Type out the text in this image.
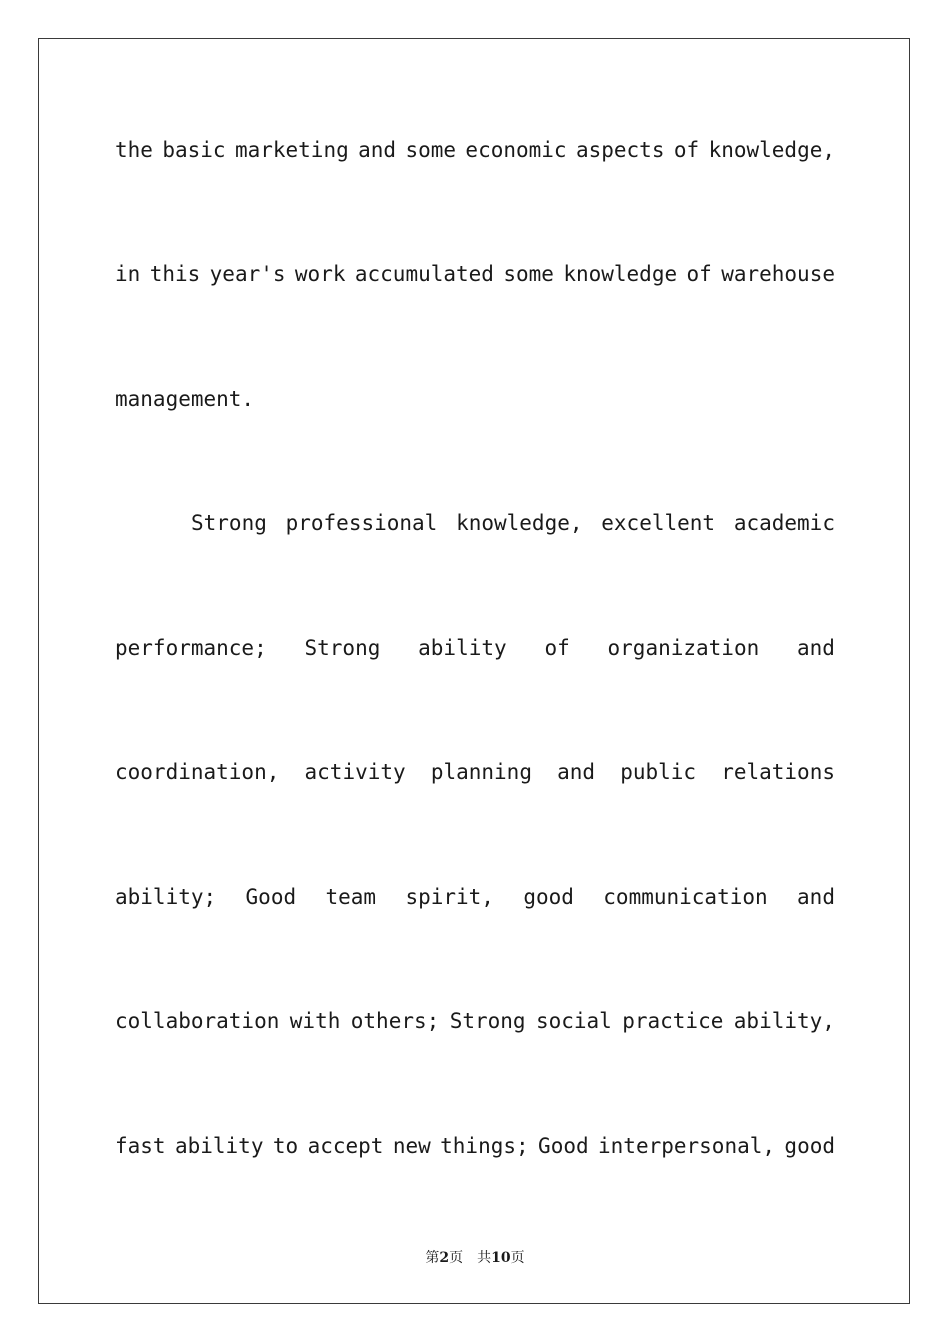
the basic marketing and some economic aspects of knowledge,
in this year's work accumulated some knowledge of warehouse
management.
Strong professional knowledge, excellent academic
performance; Strong ability of organization and
coordination, activity planning and public relations
ability; Good team spirit, good communication and
collaboration with others; Strong social practice ability,
fast ability to accept new things; Good interpersonal, good
第2页 共10页
